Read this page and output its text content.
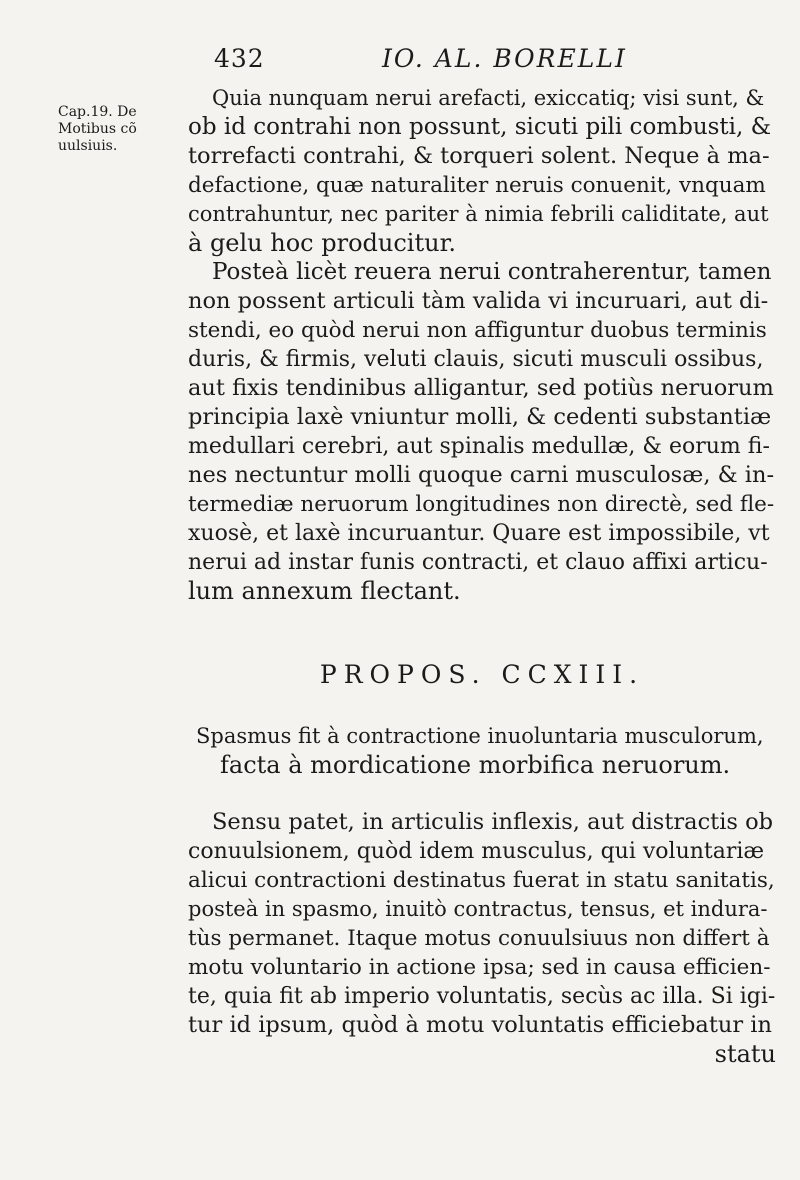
432	IO. AL. BORELLI
Cap.19. De
Motibus cõ
uulsiuis.
Quia nunquam nerui arefacti, exiccatiq; visi sunt, &
ob id contrahi non possunt, sicuti pili combusti, &
torrefacti contrahi, & torqueri solent. Neque à ma-
defactione, quæ naturaliter neruis conuenit, vnquam
contrahuntur, nec pariter à nimia febrili caliditate, aut
à gelu hoc producitur.
Posteà licèt reuera nerui contraherentur, tamen
non possent articuli tàm valida vi incuruari, aut di-
stendi, eo quòd nerui non affiguntur duobus terminis
duris, & firmis, veluti clauis, sicuti musculi ossibus,
aut fixis tendinibus alligantur, sed potiùs neruorum
principia laxè vniuntur molli, & cedenti substantiæ
medullari cerebri, aut spinalis medullæ, & eorum fi-
nes nectuntur molli quoque carni musculosæ, & in-
termediæ neruorum longitudines non directè, sed fle-
xuosè, et laxè incuruantur. Quare est impossibile, vt
nerui ad instar funis contracti, et clauo affixi articu-
lum annexum flectant.
PROPOS. CCXIII.
Spasmus fit à contractione inuoluntaria musculorum,
facta à mordicatione morbifica neruorum.
Sensu patet, in articulis inflexis, aut distractis ob
conuulsionem, quòd idem musculus, qui voluntariæ
alicui contractioni destinatus fuerat in statu sanitatis,
posteà in spasmo, inuitò contractus, tensus, et indura-
tùs permanet. Itaque motus conuulsiuus non differt à
motu voluntario in actione ipsa; sed in causa efficien-
te, quia fit ab imperio voluntatis, secùs ac illa. Si igi-
tur id ipsum, quòd à motu voluntatis efficiebatur in
statu
